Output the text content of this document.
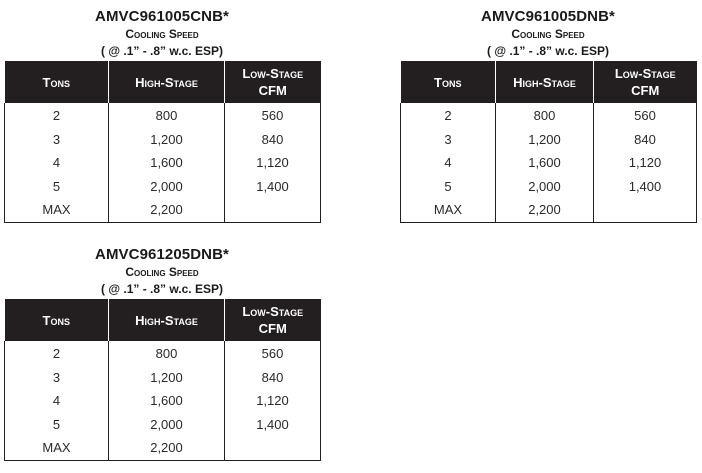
AMVC961005CNB*
Cooling Speed
( @ .1” - .8” w.c. ESP)
Tons	High-Stage	Low-Stage CFM
2	800	560
3	1,200	840
4	1,600	1,120
5	2,000	1,400
MAX	2,200	
AMVC961005DNB*
Cooling Speed
( @ .1” - .8” w.c. ESP)
Tons	High-Stage	Low-Stage CFM
2	800	560
3	1,200	840
4	1,600	1,120
5	2,000	1,400
MAX	2,200	
AMVC961205DNB*
Cooling Speed
( @ .1” - .8” w.c. ESP)
Tons	High-Stage	Low-Stage CFM
2	800	560
3	1,200	840
4	1,600	1,120
5	2,000	1,400
MAX	2,200	
